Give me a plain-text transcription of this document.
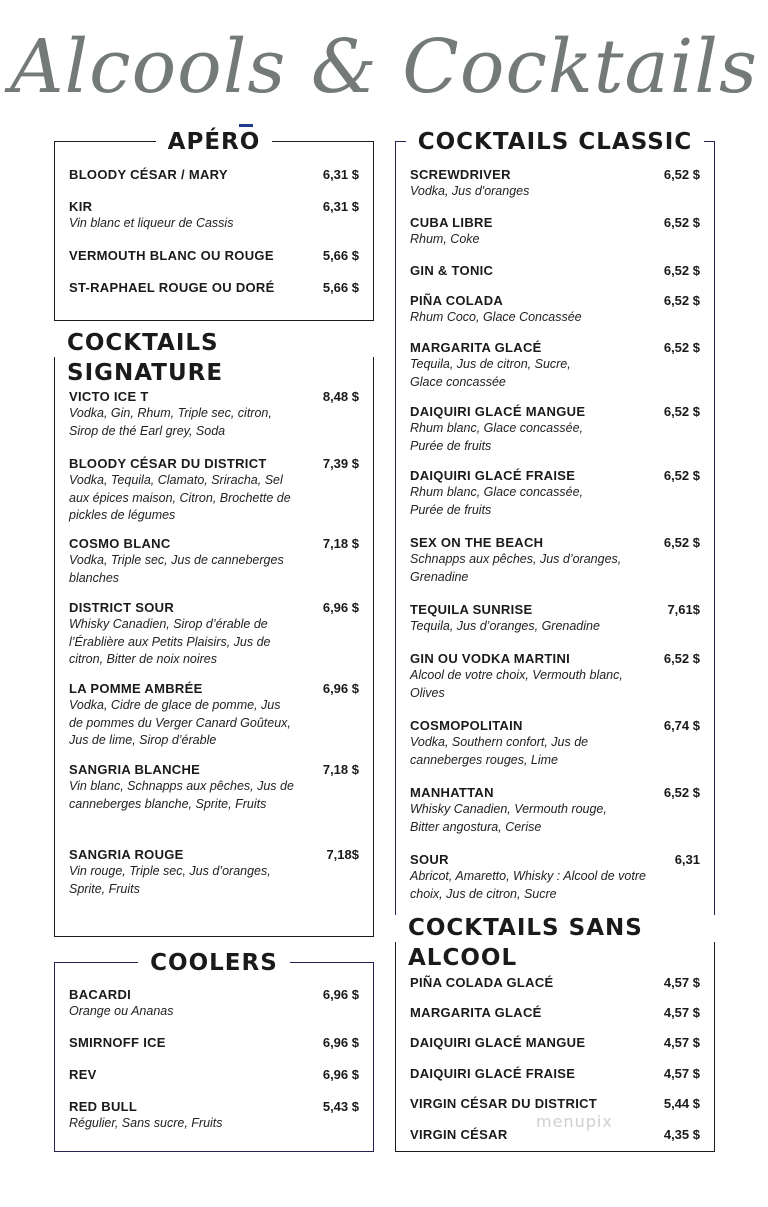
Alcools & Cocktails
APÉRO
BLOODY CÉSAR / MARY	6,31 $
KIR	6,31 $
Vin blanc et liqueur de Cassis
VERMOUTH BLANC OU ROUGE	5,66 $
ST-RAPHAEL ROUGE OU DORÉ	5,66 $
COCKTAILS SIGNATURE
VICTO ICE T	8,48 $
Vodka, Gin, Rhum, Triple sec, citron, Sirop de thé Earl grey, Soda
BLOODY CÉSAR DU DISTRICT	7,39 $
Vodka, Tequila, Clamato, Sriracha, Sel aux épices maison, Citron, Brochette de pickles de légumes
COSMO BLANC	7,18 $
Vodka, Triple sec, Jus de canneberges blanches
DISTRICT SOUR	6,96 $
Whisky Canadien, Sirop d’érable de l’Érablière aux Petits Plaisirs, Jus de citron, Bitter de noix noires
LA POMME AMBRÉE	6,96 $
Vodka, Cidre de glace de pomme, Jus de pommes du Verger Canard Goûteux, Jus de lime, Sirop d’érable
SANGRIA BLANCHE	7,18 $
Vin blanc, Schnapps aux pêches, Jus de canneberges blanche, Sprite, Fruits
SANGRIA ROUGE	7,18$
Vin rouge, Triple sec, Jus d’oranges, Sprite, Fruits
COOLERS
BACARDI	6,96 $
Orange ou Ananas
SMIRNOFF ICE	6,96 $
REV	6,96 $
RED BULL	5,43 $
Régulier, Sans sucre, Fruits
COCKTAILS CLASSIC
SCREWDRIVER	6,52 $
Vodka, Jus d'oranges
CUBA LIBRE	6,52 $
Rhum, Coke
GIN & TONIC	6,52 $
PIÑA COLADA	6,52 $
Rhum Coco, Glace Concassée
MARGARITA GLACÉ	6,52 $
Tequila, Jus de citron, Sucre, Glace concassée
DAIQUIRI GLACÉ MANGUE	6,52 $
Rhum blanc, Glace concassée, Purée de fruits
DAIQUIRI GLACÉ FRAISE	6,52 $
Rhum blanc, Glace concassée, Purée de fruits
SEX ON THE BEACH	6,52 $
Schnapps aux pêches, Jus d’oranges, Grenadine
TEQUILA SUNRISE	7,61$
Tequila, Jus d’oranges, Grenadine
GIN OU VODKA MARTINI	6,52 $
Alcool de votre choix, Vermouth blanc, Olives
COSMOPOLITAIN	6,74 $
Vodka, Southern confort, Jus de canneberges rouges, Lime
MANHATTAN	6,52 $
Whisky Canadien, Vermouth rouge, Bitter angostura, Cerise
SOUR	6,31
Abricot, Amaretto, Whisky : Alcool de votre choix, Jus de citron, Sucre
COCKTAILS SANS ALCOOL
PIÑA COLADA GLACÉ	4,57 $
MARGARITA GLACÉ	4,57 $
DAIQUIRI GLACÉ MANGUE	4,57 $
DAIQUIRI GLACÉ FRAISE	4,57 $
VIRGIN CÉSAR DU DISTRICT	5,44 $
VIRGIN CÉSAR	4,35 $
menupix
